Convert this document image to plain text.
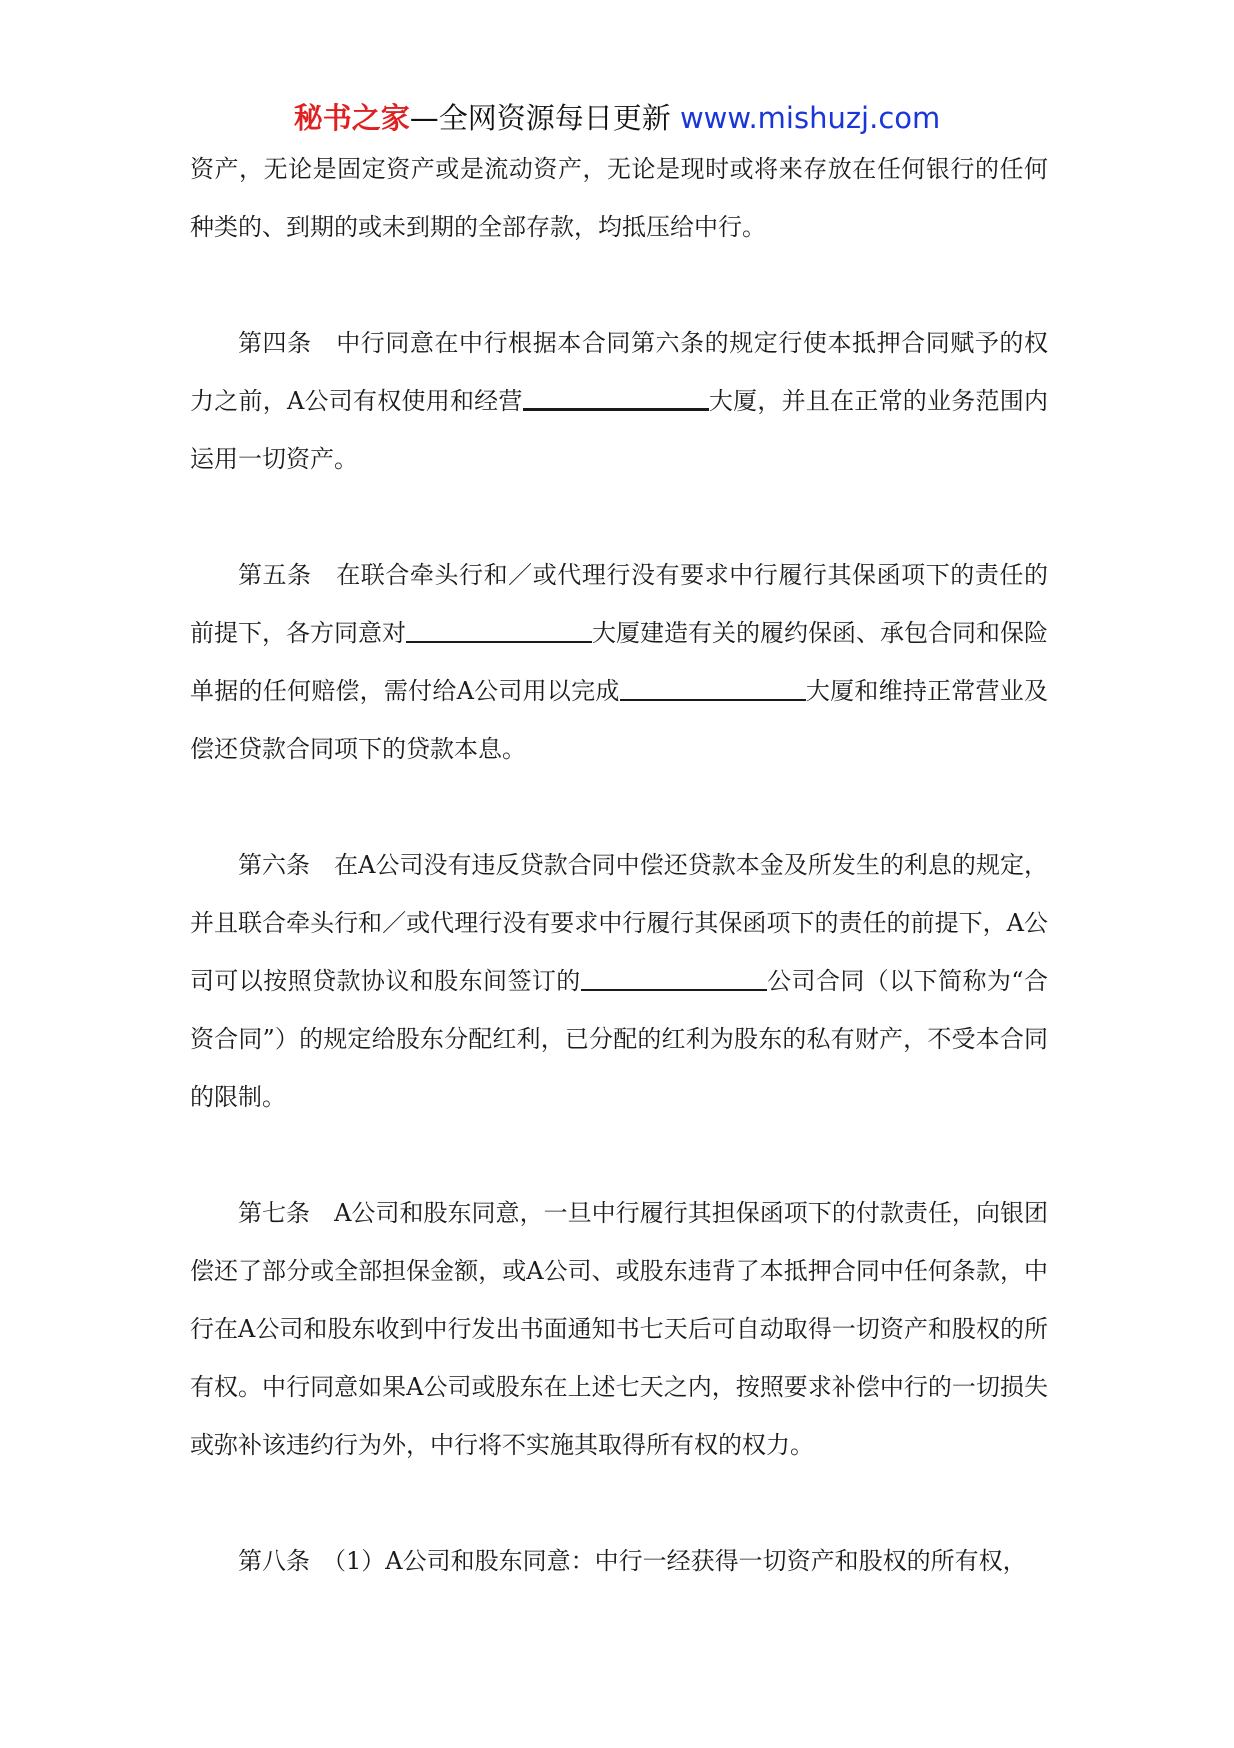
秘书之家—全网资源每日更新 www.mishuzj.com

资产，无论是固定资产或是流动资产，无论是现时或将来存放在任何银行的任何种类的、到期的或未到期的全部存款，均抵压给中行。

第四条　中行同意在中行根据本合同第六条的规定行使本抵押合同赋予的权力之前，A公司有权使用和经营	大厦，并且在正常的业务范围内运用一切资产。

第五条　在联合牵头行和／或代理行没有要求中行履行其保函项下的责任的前提下，各方同意对	大厦建造有关的履约保函、承包合同和保险单据的任何赔偿，需付给A公司用以完成	大厦和维持正常营业及偿还贷款合同项下的贷款本息。

第六条　在A公司没有违反贷款合同中偿还贷款本金及所发生的利息的规定，并且联合牵头行和／或代理行没有要求中行履行其保函项下的责任的前提下，A公司可以按照贷款协议和股东间签订的	公司合同（以下简称为“合资合同”）的规定给股东分配红利，已分配的红利为股东的私有财产，不受本合同的限制。

第七条　A公司和股东同意，一旦中行履行其担保函项下的付款责任，向银团偿还了部分或全部担保金额，或A公司、或股东违背了本抵押合同中任何条款，中行在A公司和股东收到中行发出书面通知书七天后可自动取得一切资产和股权的所有权。中行同意如果A公司或股东在上述七天之内，按照要求补偿中行的一切损失或弥补该违约行为外，中行将不实施其取得所有权的权力。

第八条　（1）A公司和股东同意：中行一经获得一切资产和股权的所有权，
